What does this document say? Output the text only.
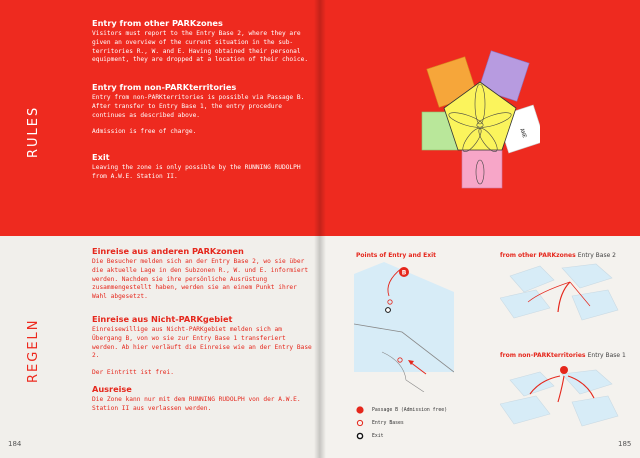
RULES
REGELN
Entry from other PARKzones

Visitors must report to the Entry Base 2, where they are given an overview of the current situation in the sub-territories R., W. and E. Having obtained their personal equipment, they are dropped at a location of their choice.

Entry from non-PARKterritories

Entry from non-PARKterritories is possible via Passage B. After transfer to Entry Base 1, the entry procedure continues as described above.

Admission is free of charge.

Exit

Leaving the zone is only possible by the RUNNING RUDOLPH from A.W.E. Station II.

Einreise aus anderen PARKzonen

Die Besucher melden sich an der Entry Base 2, wo sie über die aktuelle Lage in den Subzonen R., W. und E. informiert werden. Nachdem sie ihre persönliche Ausrüstung zusammengestellt haben, werden sie an einem Punkt ihrer Wahl abgesetzt.

Einreise aus Nicht-PARKgebiet

Einreisewillige aus Nicht-PARKgebiet melden sich am Übergang B, von wo sie zur Entry Base 1 transferiert werden. Ab hier verläuft die Einreise wie an der Entry Base 2.

Der Eintritt ist frei.

Ausreise

Die Zone kann nur mit dem RUNNING RUDOLPH von der A.W.E. Station II aus verlassen werden.

184
AWE
Points of Entry and Exit
B
from other PARKzones Entry Base 2
from non-PARKterritories Entry Base 1
Passage B (Admission free)
Entry Bases
Exit
185
